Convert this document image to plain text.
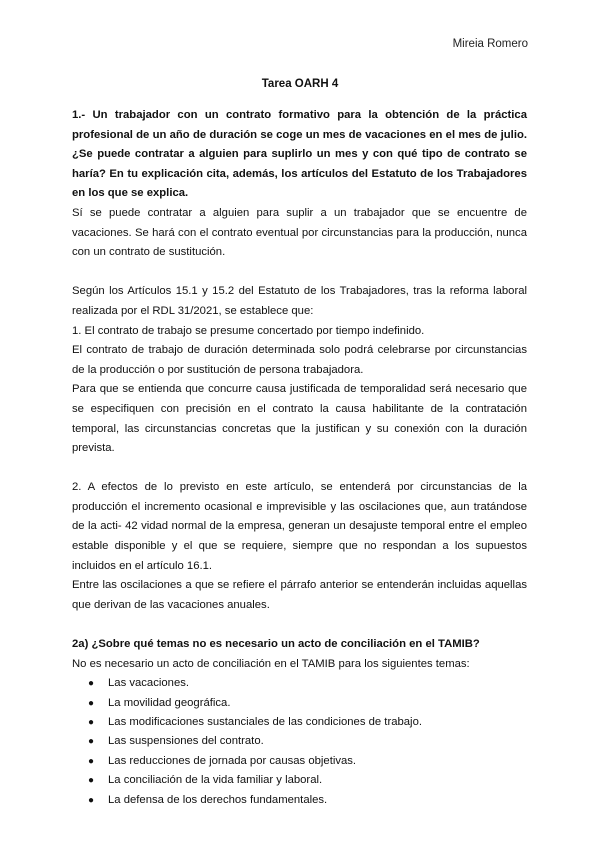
Mireia Romero
Tarea OARH 4

1.- Un trabajador con un contrato formativo para la obtención de la práctica profesional de un año de duración se coge un mes de vacaciones en el mes de julio. ¿Se puede contratar a alguien para suplirlo un mes y con qué tipo de contrato se haría? En tu explicación cita, además, los artículos del Estatuto de los Trabajadores en los que se explica.

Sí se puede contratar a alguien para suplir a un trabajador que se encuentre de vacaciones. Se hará con el contrato eventual por circunstancias para la producción, nunca con un contrato de sustitución.

Según los Artículos 15.1 y 15.2 del Estatuto de los Trabajadores, tras la reforma laboral realizada por el RDL 31/2021, se establece que:

1. El contrato de trabajo se presume concertado por tiempo indefinido.

El contrato de trabajo de duración determinada solo podrá celebrarse por circunstancias de la producción o por sustitución de persona trabajadora.

Para que se entienda que concurre causa justificada de temporalidad será necesario que se especifiquen con precisión en el contrato la causa habilitante de la contratación temporal, las circunstancias concretas que la justifican y su conexión con la duración prevista.

2. A efectos de lo previsto en este artículo, se entenderá por circunstancias de la producción el incremento ocasional e imprevisible y las oscilaciones que, aun tratándose de la acti- 42 vidad normal de la empresa, generan un desajuste temporal entre el empleo estable disponible y el que se requiere, siempre que no respondan a los supuestos incluidos en el artículo 16.1.

Entre las oscilaciones a que se refiere el párrafo anterior se entenderán incluidas aquellas que derivan de las vacaciones anuales.

2a) ¿Sobre qué temas no es necesario un acto de conciliación en el TAMIB?

No es necesario un acto de conciliación en el TAMIB para los siguientes temas:

● Las vacaciones.
● La movilidad geográfica.
● Las modificaciones sustanciales de las condiciones de trabajo.
● Las suspensiones del contrato.
● Las reducciones de jornada por causas objetivas.
● La conciliación de la vida familiar y laboral.
● La defensa de los derechos fundamentales.
